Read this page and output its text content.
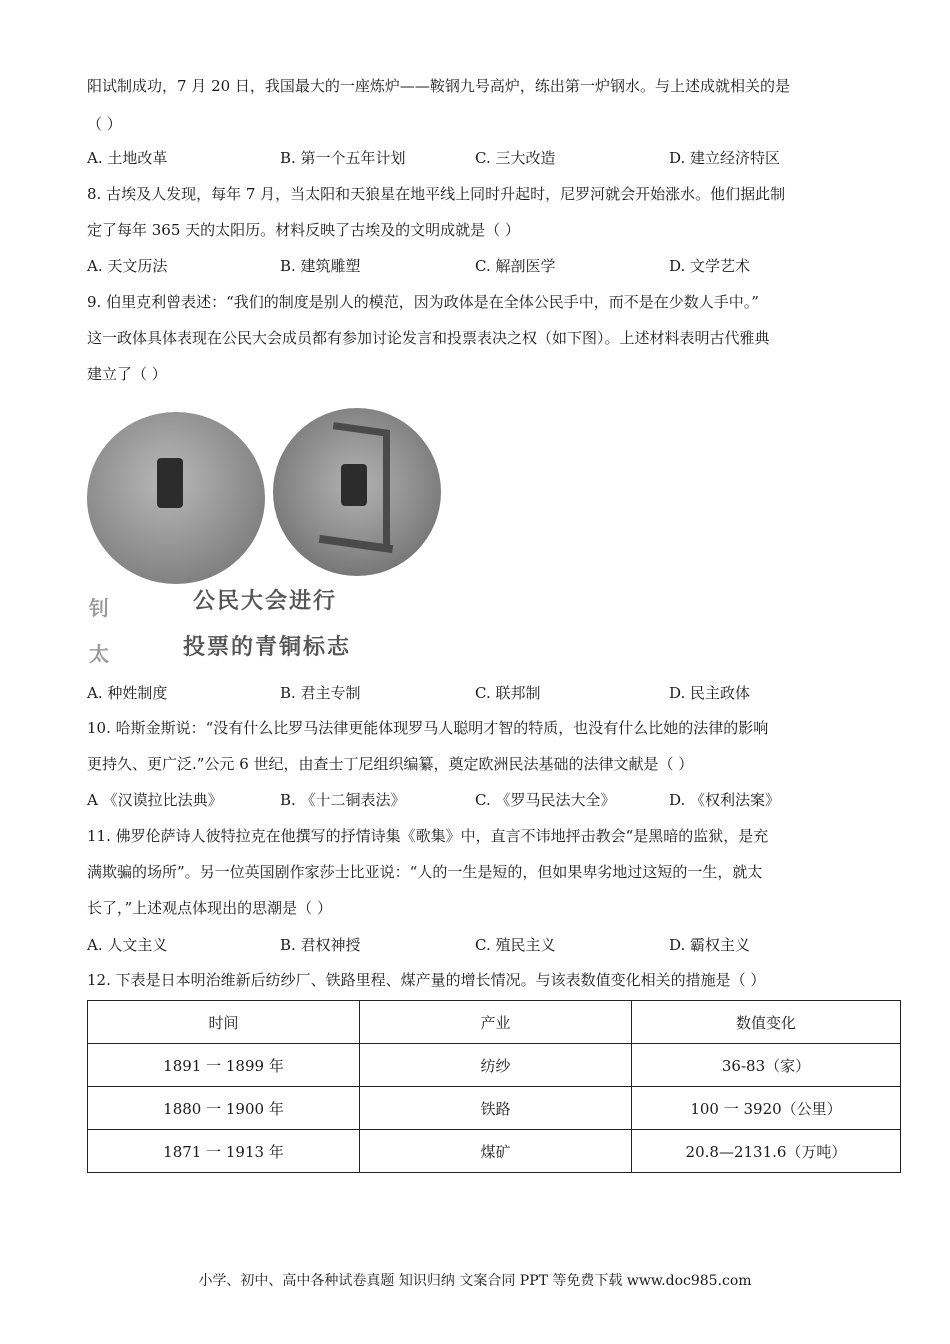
阳试制成功，7 月 20 日，我国最大的一座炼炉——鞍钢九号高炉，练出第一炉钢水。与上述成就相关的是
（ ）
A. 土地改革	B. 第一个五年计划	C. 三大改造	D. 建立经济特区
8. 古埃及人发现，每年 7 月，当太阳和天狼星在地平线上同时升起时，尼罗河就会开始涨水。他们据此制
定了每年 365 天的太阳历。材料反映了古埃及的文明成就是（ ）
A. 天文历法	B. 建筑雕塑	C. 解剖医学	D. 文学艺术
9. 伯里克利曾表述：“我们的制度是别人的模范，因为政体是在全体公民手中，而不是在少数人手中。”
这一政体具体表现在公民大会成员都有参加讨论发言和投票表决之权（如下图）。上述材料表明古代雅典
建立了（ ）
钊
太
公民大会进行
投票的青铜标志
A. 种姓制度	B. 君主专制	C. 联邦制	D. 民主政体
10. 哈斯金斯说：“没有什么比罗马法律更能体现罗马人聪明才智的特质，也没有什么比她的法律的影响
更持久、更广泛.”公元 6 世纪，由查士丁尼组织编纂，奠定欧洲民法基础的法律文献是（ ）
A 《汉谟拉比法典》	B. 《十二铜表法》	C. 《罗马民法大全》	D. 《权利法案》
11. 佛罗伦萨诗人彼特拉克在他撰写的抒情诗集《歌集》中，直言不讳地抨击教会“是黑暗的监狱，是充
满欺骗的场所”。另一位英国剧作家莎士比亚说：“人的一生是短的，但如果卑劣地过这短的一生，就太
长了，”上述观点体现出的思潮是（ ）
A. 人文主义	B. 君权神授	C. 殖民主义	D. 霸权主义
12. 下表是日本明治维新后纺纱厂、铁路里程、煤产量的增长情况。与该表数值变化相关的措施是（ ）
时间	产业	数值变化
1891 一 1899 年	纺纱	36-83（家）
1880 一 1900 年	铁路	100 一 3920（公里）
1871 一 1913 年	煤矿	20.8—2131.6（万吨）
小学、初中、高中各种试卷真题 知识归纳 文案合同 PPT 等免费下载 www.doc985.com
